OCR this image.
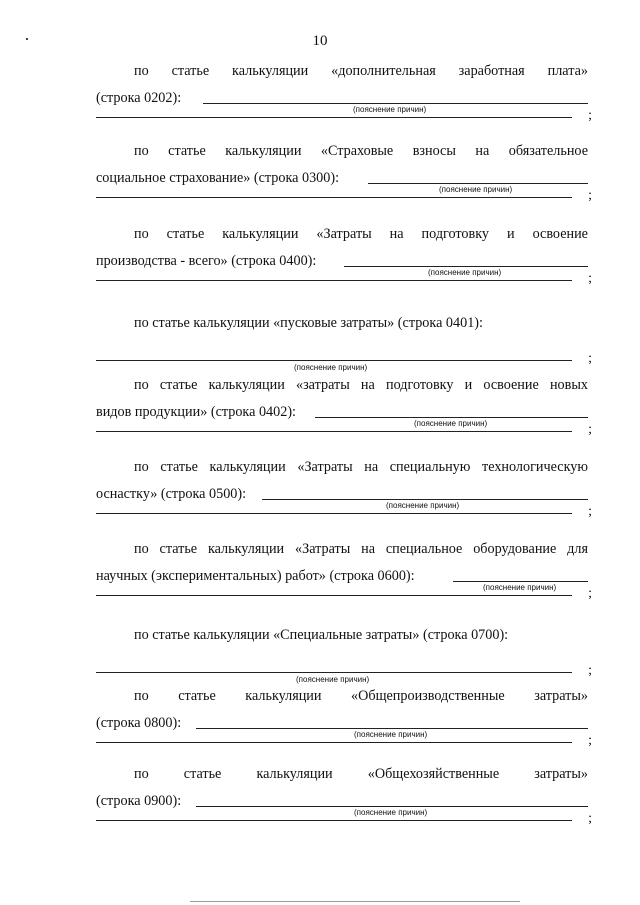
10
по статье калькуляции «дополнительная заработная плата»
(строка 0202):
(пояснение причин)	;
по статье калькуляции «Страховые взносы на обязательное
социальное страхование» (строка 0300):
(пояснение причин)	;
по статье калькуляции «Затраты на подготовку и освоение
производства - всего» (строка 0400):
(пояснение причин)	;
по статье калькуляции «пусковые затраты» (строка 0401):
(пояснение причин)
;
по статье калькуляции «затраты на подготовку и освоение новых
видов продукции» (строка 0402):
(пояснение причин)	;
по статье калькуляции «Затраты на специальную технологическую
оснастку» (строка 0500):
(пояснение причин)	;
по статье калькуляции «Затраты на специальное оборудование для
научных (экспериментальных) работ» (строка 0600):
(пояснение причин) ;
по статье калькуляции «Специальные затраты» (строка 0700):
(пояснение причин)
;
по статье калькуляции «Общепроизводственные затраты»
(строка 0800):
(пояснение причин)	;
по статье калькуляции «Общехозяйственные затраты»
(строка 0900):
(пояснение причин)	;
